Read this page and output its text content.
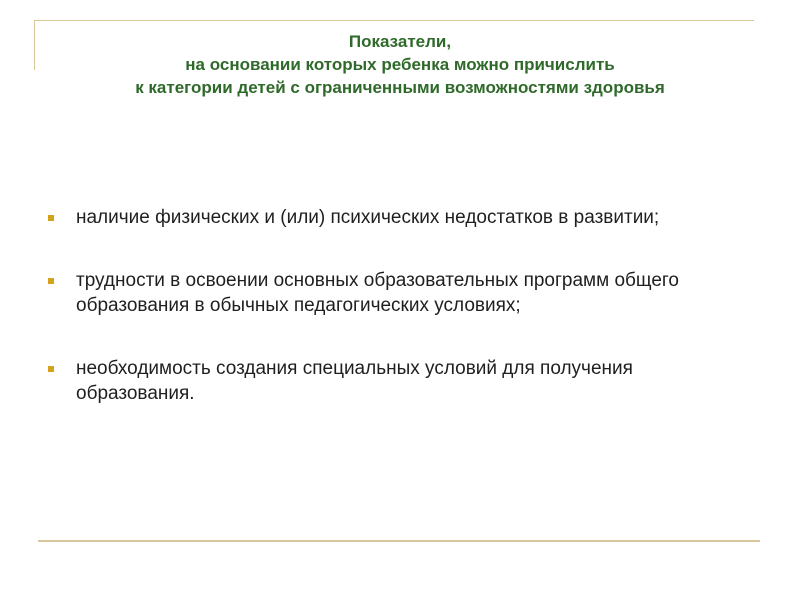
Показатели,
на основании которых ребенка можно причислить
к категории детей с ограниченными возможностями здоровья
наличие физических и (или) психических недостатков в развитии;
трудности в освоении основных образовательных программ общего образования в обычных педагогических условиях;
необходимость создания специальных условий для получения образования.
